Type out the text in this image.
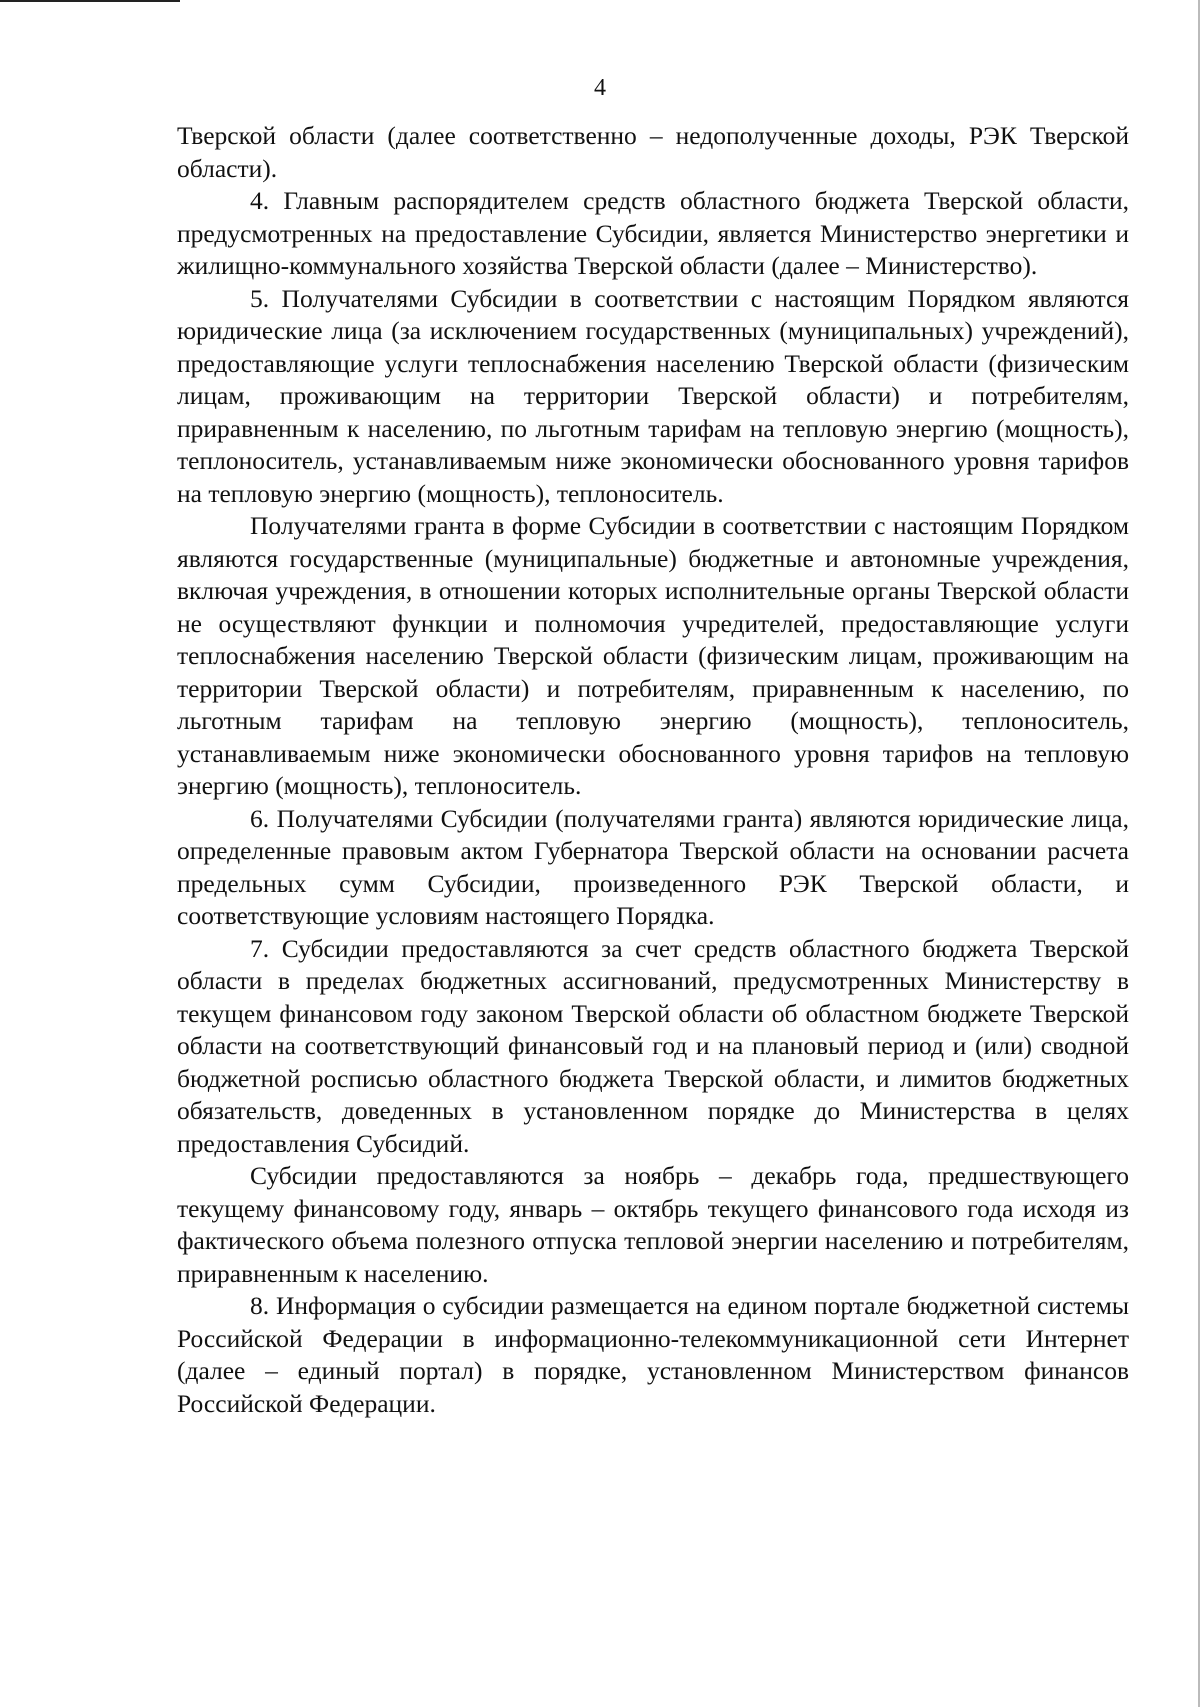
4

Тверской области (далее соответственно – недополученные доходы, РЭК Тверской области).

4. Главным распорядителем средств областного бюджета Тверской области, предусмотренных на предоставление Субсидии, является Министерство энергетики и жилищно-коммунального хозяйства Тверской области (далее – Министерство).

5. Получателями Субсидии в соответствии с настоящим Порядком являются юридические лица (за исключением государственных (муниципальных) учреждений), предоставляющие услуги теплоснабжения населению Тверской области (физическим лицам, проживающим на территории Тверской области) и потребителям, приравненным к населению, по льготным тарифам на тепловую энергию (мощность), теплоноситель, устанавливаемым ниже экономически обоснованного уровня тарифов на тепловую энергию (мощность), теплоноситель.

Получателями гранта в форме Субсидии в соответствии с настоящим Порядком являются государственные (муниципальные) бюджетные и автономные учреждения, включая учреждения, в отношении которых исполнительные органы Тверской области не осуществляют функции и полномочия учредителей, предоставляющие услуги теплоснабжения населению Тверской области (физическим лицам, проживающим на территории Тверской области) и потребителям, приравненным к населению, по льготным тарифам на тепловую энергию (мощность), теплоноситель, устанавливаемым ниже экономически обоснованного уровня тарифов на тепловую энергию (мощность), теплоноситель.

6. Получателями Субсидии (получателями гранта) являются юридические лица, определенные правовым актом Губернатора Тверской области на основании расчета предельных сумм Субсидии, произведенного РЭК Тверской области, и соответствующие условиям настоящего Порядка.

7. Субсидии предоставляются за счет средств областного бюджета Тверской области в пределах бюджетных ассигнований, предусмотренных Министерству в текущем финансовом году законом Тверской области об областном бюджете Тверской области на соответствующий финансовый год и на плановый период и (или) сводной бюджетной росписью областного бюджета Тверской области, и лимитов бюджетных обязательств, доведенных в установленном порядке до Министерства в целях предоставления Субсидий.

Субсидии предоставляются за ноябрь – декабрь года, предшествующего текущему финансовому году, январь – октябрь текущего финансового года исходя из фактического объема полезного отпуска тепловой энергии населению и потребителям, приравненным к населению.

8. Информация о субсидии размещается на едином портале бюджетной системы Российской Федерации в информационно-телекоммуникационной сети Интернет (далее – единый портал) в порядке, установленном Министерством финансов Российской Федерации.
